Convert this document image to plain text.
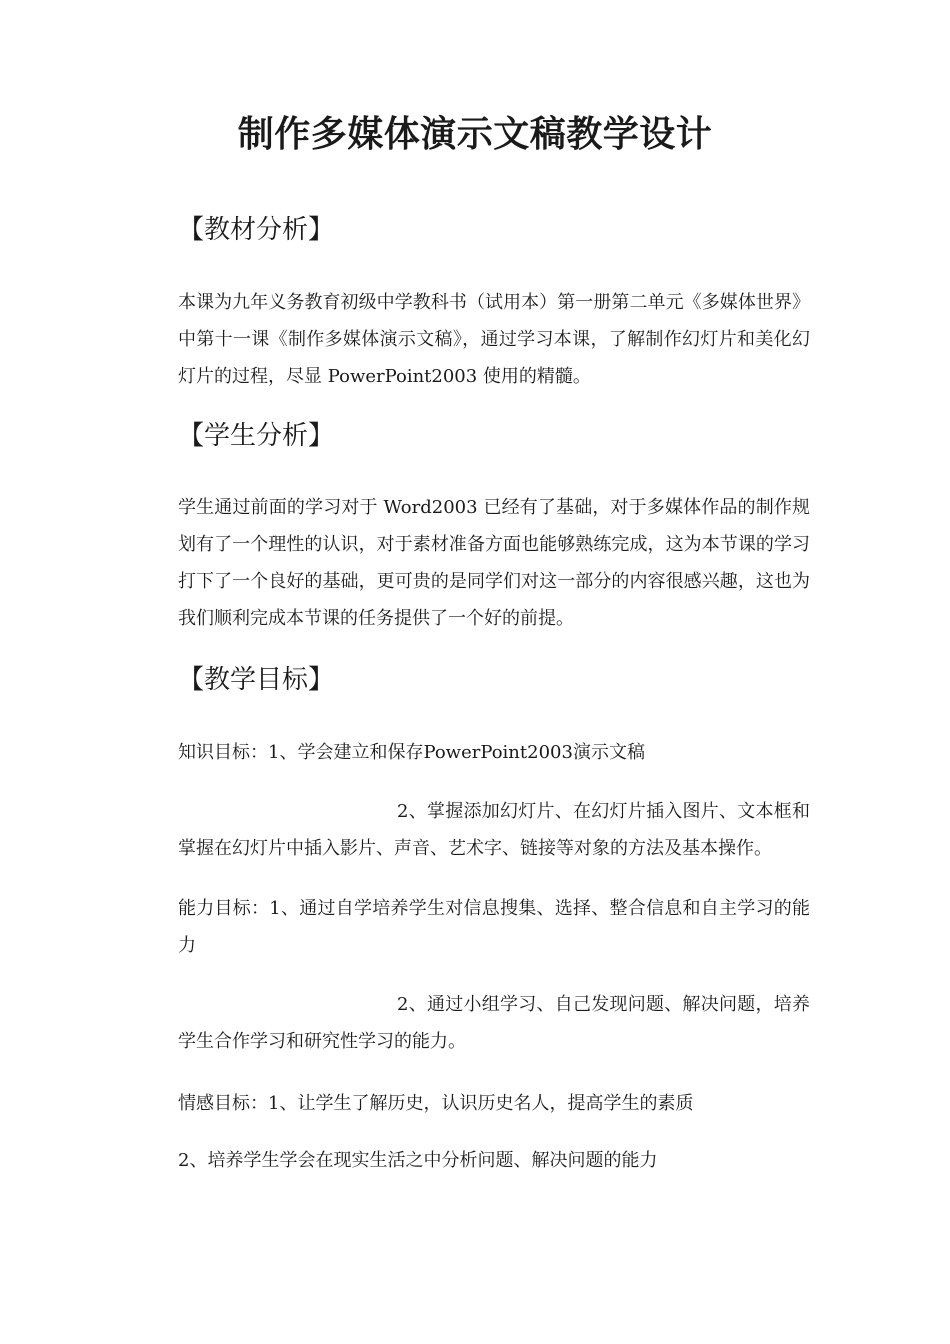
制作多媒体演示文稿教学设计
【教材分析】

本课为九年义务教育初级中学教科书（试用本）第一册第二单元《多媒体世界》中第十一课《制作多媒体演示文稿》，通过学习本课，了解制作幻灯片和美化幻灯片的过程，尽显 PowerPoint2003 使用的精髓。

【学生分析】

学生通过前面的学习对于 Word2003 已经有了基础，对于多媒体作品的制作规划有了一个理性的认识，对于素材准备方面也能够熟练完成，这为本节课的学习打下了一个良好的基础，更可贵的是同学们对这一部分的内容很感兴趣，这也为我们顺利完成本节课的任务提供了一个好的前提。

【教学目标】

知识目标：1、学会建立和保存PowerPoint2003演示文稿

2、掌握添加幻灯片、在幻灯片插入图片、文本框和掌握在幻灯片中插入影片、声音、艺术字、链接等对象的方法及基本操作。

能力目标：1、通过自学培养学生对信息搜集、选择、整合信息和自主学习的能力

2、通过小组学习、自己发现问题、解决问题，培养学生合作学习和研究性学习的能力。

情感目标：1、让学生了解历史，认识历史名人，提高学生的素质

2、培养学生学会在现实生活之中分析问题、解决问题的能力
